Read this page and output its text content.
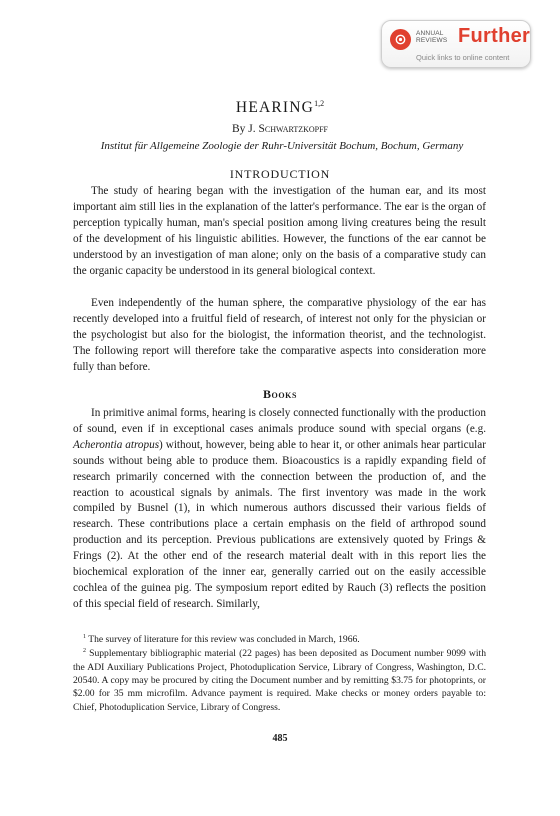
ANNUAL
REVIEWS Further
Quick links to online content
HEARING$^{1,2}$
By J. Schwartzkopff
Institut für Allgemeine Zoologie der Ruhr-Universität Bochum, Bochum, Germany
INTRODUCTION

The study of hearing began with the investigation of the human ear, and its most important aim still lies in the explanation of the latter's performance. The ear is the organ of perception typically human, man's special position among living creatures being the result of the development of his linguistic abilities. However, the functions of the ear cannot be understood by an investigation of man alone; only on the basis of a comparative study can the organic capacity be understood in its general biological context.

Even independently of the human sphere, the comparative physiology of the ear has recently developed into a fruitful field of research, of interest not only for the physician or the psychologist but also for the biologist, the information theorist, and the technologist. The following report will therefore take the comparative aspects into consideration more fully than before.

Books

In primitive animal forms, hearing is closely connected functionally with the production of sound, even if in exceptional cases animals produce sound with special organs (e.g. Acherontia atropus) without, however, being able to hear it, or other animals hear particular sounds without being able to produce them. Bioacoustics is a rapidly expanding field of research primarily concerned with the connection between the production of, and the reaction to acoustical signals by animals. The first inventory was made in the work compiled by Busnel (1), in which numerous authors discussed their various fields of research. These contributions place a certain emphasis on the field of arthropod sound production and its perception. Previous publications are extensively quoted by Frings & Frings (2). At the other end of the research material dealt with in this report lies the biochemical exploration of the inner ear, generally carried out on the easily accessible cochlea of the guinea pig. The symposium report edited by Rauch (3) reflects the position of this special field of research. Similarly,

$^1$ The survey of literature for this review was concluded in March, 1966.

$^2$ Supplementary bibliographic material (22 pages) has been deposited as Document number 9099 with the ADI Auxiliary Publications Project, Photoduplication Service, Library of Congress, Washington, D.C. 20540. A copy may be procured by citing the Document number and by remitting $3.75 for photoprints, or $2.00 for 35 mm microfilm. Advance payment is required. Make checks or money orders payable to: Chief, Photoduplication Service, Library of Congress.

485
